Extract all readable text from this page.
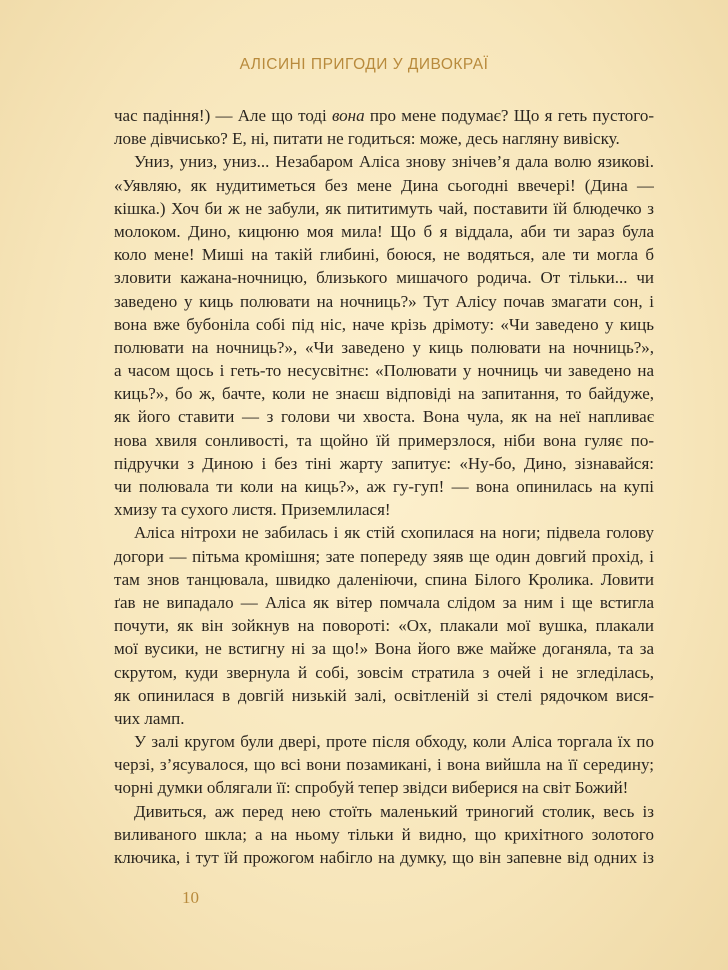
АЛІСИНІ ПРИГОДИ У ДИВОКРАЇ
час падіння!) — Але що тоді вона про мене подумає? Що я геть пустого-
лове дівчисько? Е, ні, питати не годиться: може, десь нагляну вивіску.
Униз, униз, униз... Незабаром Аліса знову знічев’я дала волю язикові.
«Уявляю, як нудитиметься без мене Дина сьогодні ввечері! (Дина —
кішка.) Хоч би ж не забули, як пититимуть чай, поставити їй блюдечко з
молоком. Дино, кицюню моя мила! Що б я віддала, аби ти зараз була
коло мене! Миші на такій глибині, боюся, не водяться, але ти могла б
зловити кажана-ночницю, близького мишачого родича. От тільки... чи
заведено у киць полювати на ночниць?» Тут Алісу почав змагати сон, і
вона вже бубоніла собі під ніс, наче крізь дрімоту: «Чи заведено у киць
полювати на ночниць?», «Чи заведено у киць полювати на ночниць?»,
а часом щось і геть-то несусвітнє: «Полювати у ночниць чи заведено на
киць?», бо ж, бачте, коли не знаєш відповіді на запитання, то байдуже,
як його ставити — з голови чи хвоста. Вона чула, як на неї напливає
нова хвиля сонливості, та щойно їй примерзлося, ніби вона гуляє по-
підручки з Диною і без тіні жарту запитує: «Ну-бо, Дино, зізнавайся:
чи полювала ти коли на киць?», аж гу-гуп! — вона опинилась на купі
хмизу та сухого листя. Приземлилася!
Аліса нітрохи не забилась і як стій схопилася на ноги; підвела голову
догори — пітьма кромішня; зате попереду зяяв ще один довгий прохід, і
там знов танцювала, швидко даленіючи, спина Білого Кролика. Ловити
ґав не випадало — Аліса як вітер помчала слідом за ним і ще встигла
почути, як він зойкнув на повороті: «Ох, плакали мої вушка, плакали
мої вусики, не встигну ні за що!» Вона його вже майже доганяла, та за
скрутом, куди звернула й собі, зовсім стратила з очей і не згледілась,
як опинилася в довгій низькій залі, освітленій зі стелі рядочком вися-
чих ламп.
У залі кругом були двері, проте після обходу, коли Аліса торгала їх по
черзі, з’ясувалося, що всі вони позамикані, і вона вийшла на її середину;
чорні думки облягали її: спробуй тепер звідси вибериcя на світ Божий!
Дивиться, аж перед нею стоїть маленький триногий столик, весь із
виливаного шкла; а на ньому тільки й видно, що крихітного золотого
ключика, і тут їй прожогом набігло на думку, що він запевне від одних із
10
